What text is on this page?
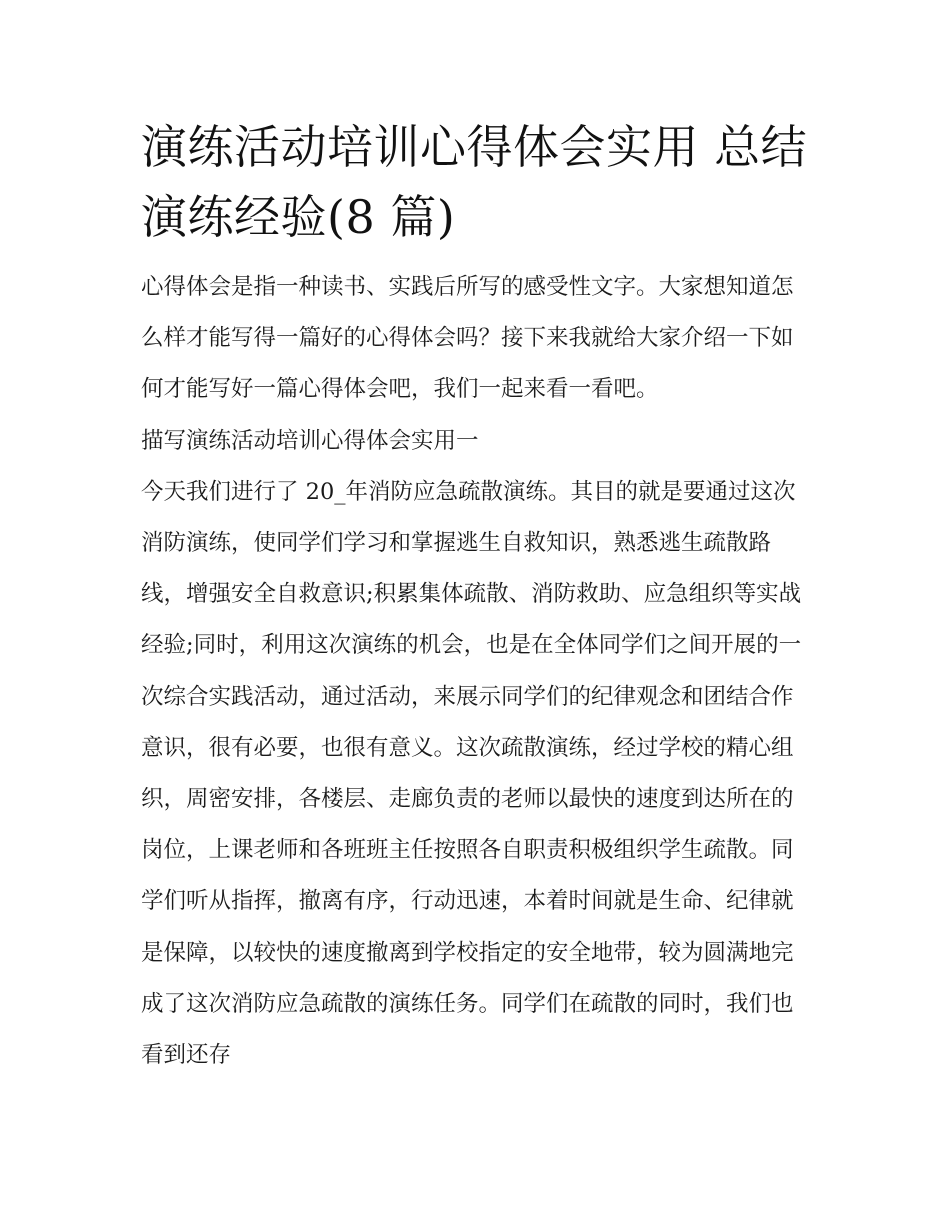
演练活动培训心得体会实用 总结演练经验(8 篇)

心得体会是指一种读书、实践后所写的感受性文字。大家想知道怎么样才能写得一篇好的心得体会吗？接下来我就给大家介绍一下如何才能写好一篇心得体会吧，我们一起来看一看吧。

描写演练活动培训心得体会实用一

今天我们进行了 20_年消防应急疏散演练。其目的就是要通过这次消防演练，使同学们学习和掌握逃生自救知识，熟悉逃生疏散路线，增强安全自救意识;积累集体疏散、消防救助、应急组织等实战经验;同时，利用这次演练的机会，也是在全体同学们之间开展的一次综合实践活动，通过活动，来展示同学们的纪律观念和团结合作意识，很有必要，也很有意义。这次疏散演练，经过学校的精心组织，周密安排，各楼层、走廊负责的老师以最快的速度到达所在的岗位，上课老师和各班班主任按照各自职责积极组织学生疏散。同学们听从指挥，撤离有序，行动迅速，本着时间就是生命、纪律就是保障，以较快的速度撤离到学校指定的安全地带，较为圆满地完成了这次消防应急疏散的演练任务。同学们在疏散的同时，我们也看到还存
